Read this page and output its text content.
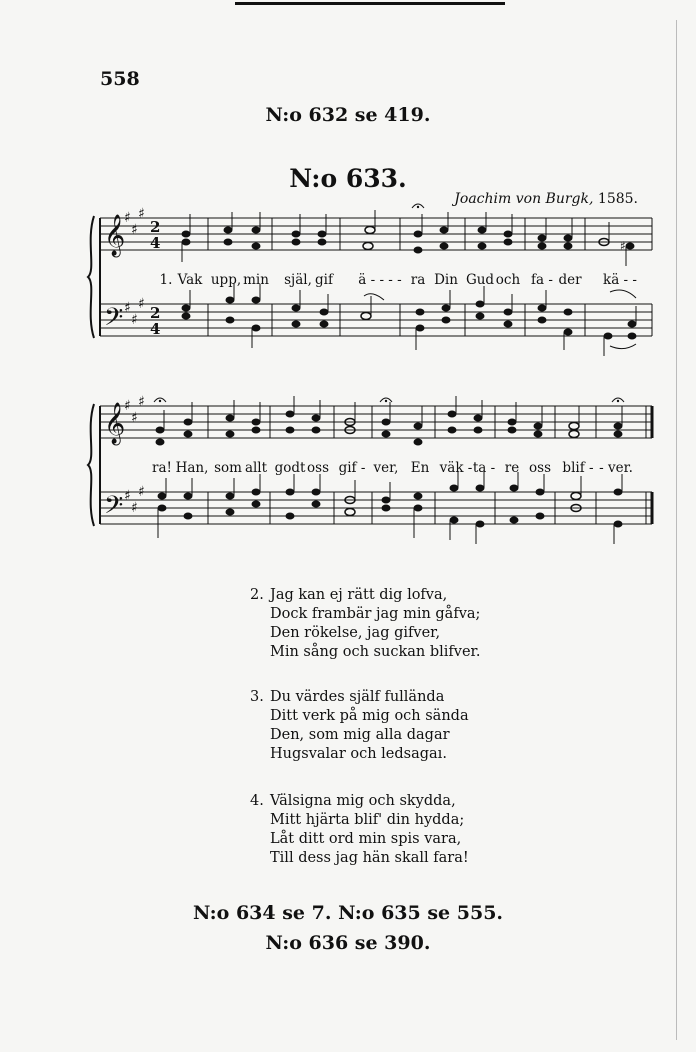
558
N:o 632 se 419.
N:o 633.
Joachim von Burgk, 1585.
𝄞
𝄢
♯
♯
♯
♯
♯
♯
2
4
2
4
♯
1. Vak upp, min själ, gif ä - - - - ra Din Gud och fa - der kä - -
𝄞
𝄢
♯
♯
♯
♯
♯
♯
ra! Han, som allt godt oss gif - ver, En väk - ta - re oss blif - - ver.
2. Jag kan ej rätt dig lofva,
Dock frambär jag min gåfva;
Den rökelse, jag gifver,
Min sång och suckan blifver.
3. Du värdes själf fullända
Ditt verk på mig och sända
Den, som mig alla dagar
Hugsvalar och ledsagaı.
4. Välsigna mig och skydda,
Mitt hjärta blif' din hydda;
Låt ditt ord min spis vara,
Till dess jag hän skall fara!
N:o 634 se 7. N:o 635 se 555.
N:o 636 se 390.
